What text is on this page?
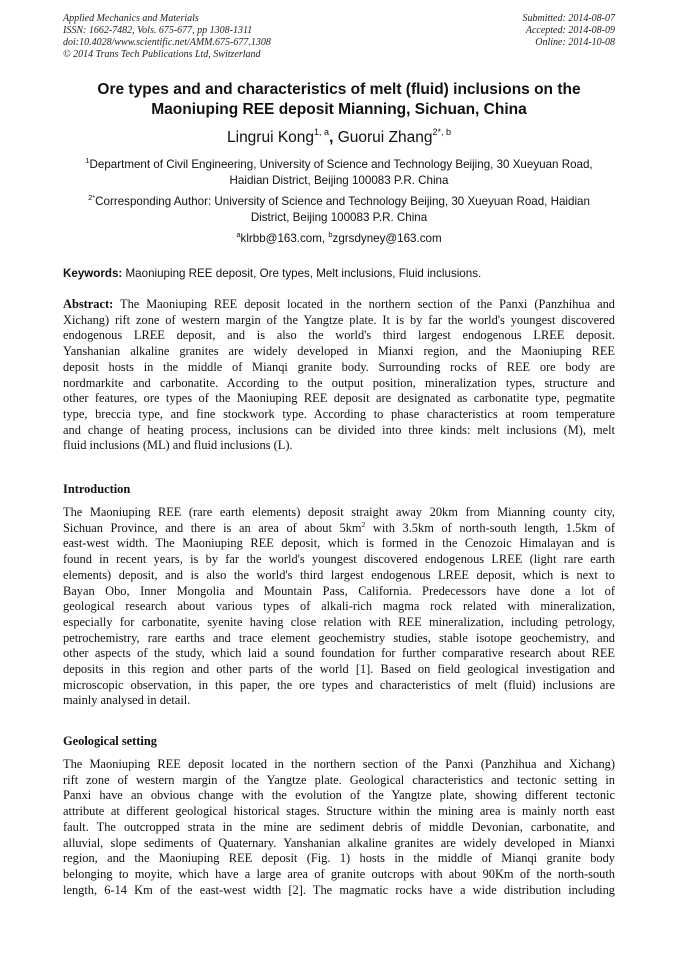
Applied Mechanics and Materials
ISSN: 1662-7482, Vols. 675-677, pp 1308-1311
doi:10.4028/www.scientific.net/AMM.675-677.1308
© 2014 Trans Tech Publications Ltd, Switzerland
Submitted: 2014-08-07
Accepted: 2014-08-09
Online: 2014-10-08
Ore types and and characteristics of melt (fluid) inclusions on the
Maoniuping REE deposit Mianning, Sichuan, China
Lingrui Kong$^{1, a}$, Guorui Zhang$^{2*, b}$
$^1$Department of Civil Engineering, University of Science and Technology Beijing, 30 Xueyuan Road,
Haidian District, Beijing 100083 P.R. China
$^{2*}$Corresponding Author: University of Science and Technology Beijing, 30 Xueyuan Road, Haidian
District, Beijing 100083 P.R. China
$^a$klrbb@163.com, $^b$zgrsdyney@163.com
Keywords: Maoniuping REE deposit, Ore types, Melt inclusions, Fluid inclusions.
Abstract: The Maoniuping REE deposit located in the northern section of the Panxi (Panzhihua and
Xichang) rift zone of western margin of the Yangtze plate. It is by far the world's youngest discovered
endogenous LREE deposit, and is also the world's third largest endogenous LREE deposit.
Yanshanian alkaline granites are widely developed in Mianxi region, and the Maoniuping REE
deposit hosts in the middle of Mianqi granite body. Surrounding rocks of REE ore body are
nordmarkite and carbonatite. According to the output position, mineralization types, structure and
other features, ore types of the Maoniuping REE deposit are designated as carbonatite type, pegmatite
type, breccia type, and fine stockwork type. According to phase characteristics at room temperature
and change of heating process, inclusions can be divided into three kinds: melt inclusions (M), melt
fluid inclusions (ML) and fluid inclusions (L).
Introduction
The Maoniuping REE (rare earth elements) deposit straight away 20km from Mianning county city,
Sichuan Province, and there is an area of about $5km^2$ with 3.5km of north-south length, 1.5km of
east-west width. The Maoniuping REE deposit, which is formed in the Cenozoic Himalayan and is
found in recent years, is by far the world's youngest discovered endogenous LREE (light rare earth
elements) deposit, and is also the world's third largest endogenous LREE deposit, which is next to
Bayan Obo, Inner Mongolia and Mountain Pass, California. Predecessors have done a lot of
geological research about various types of alkali-rich magma rock related with mineralization,
especially for carbonatite, syenite having close relation with REE mineralization, including petrology,
petrochemistry, rare earths and trace element geochemistry studies, stable isotope geochemistry, and
other aspects of the study, which laid a sound foundation for further comparative research about REE
deposits in this region and other parts of the world [1]. Based on field geological investigation and
microscopic observation, in this paper, the ore types and characteristics of melt (fluid) inclusions are
mainly analysed in detail.
Geological setting
The Maoniuping REE deposit located in the northern section of the Panxi (Panzhihua and Xichang)
rift zone of western margin of the Yangtze plate. Geological characteristics and tectonic setting in
Panxi have an obvious change with the evolution of the Yangtze plate, showing different tectonic
attribute at different geological historical stages. Structure within the mining area is mainly north east
fault. The outcropped strata in the mine are sediment debris of middle Devonian, carbonatite, and
alluvial, slope sediments of Quaternary. Yanshanian alkaline granites are widely developed in Mianxi
region, and the Maoniuping REE deposit (Fig. 1) hosts in the middle of Mianqi granite body
belonging to moyite, which have a large area of granite outcrops with about 90Km of the north-south
length, 6-14 Km of the east-west width [2]. The magmatic rocks have a wide distribution including
